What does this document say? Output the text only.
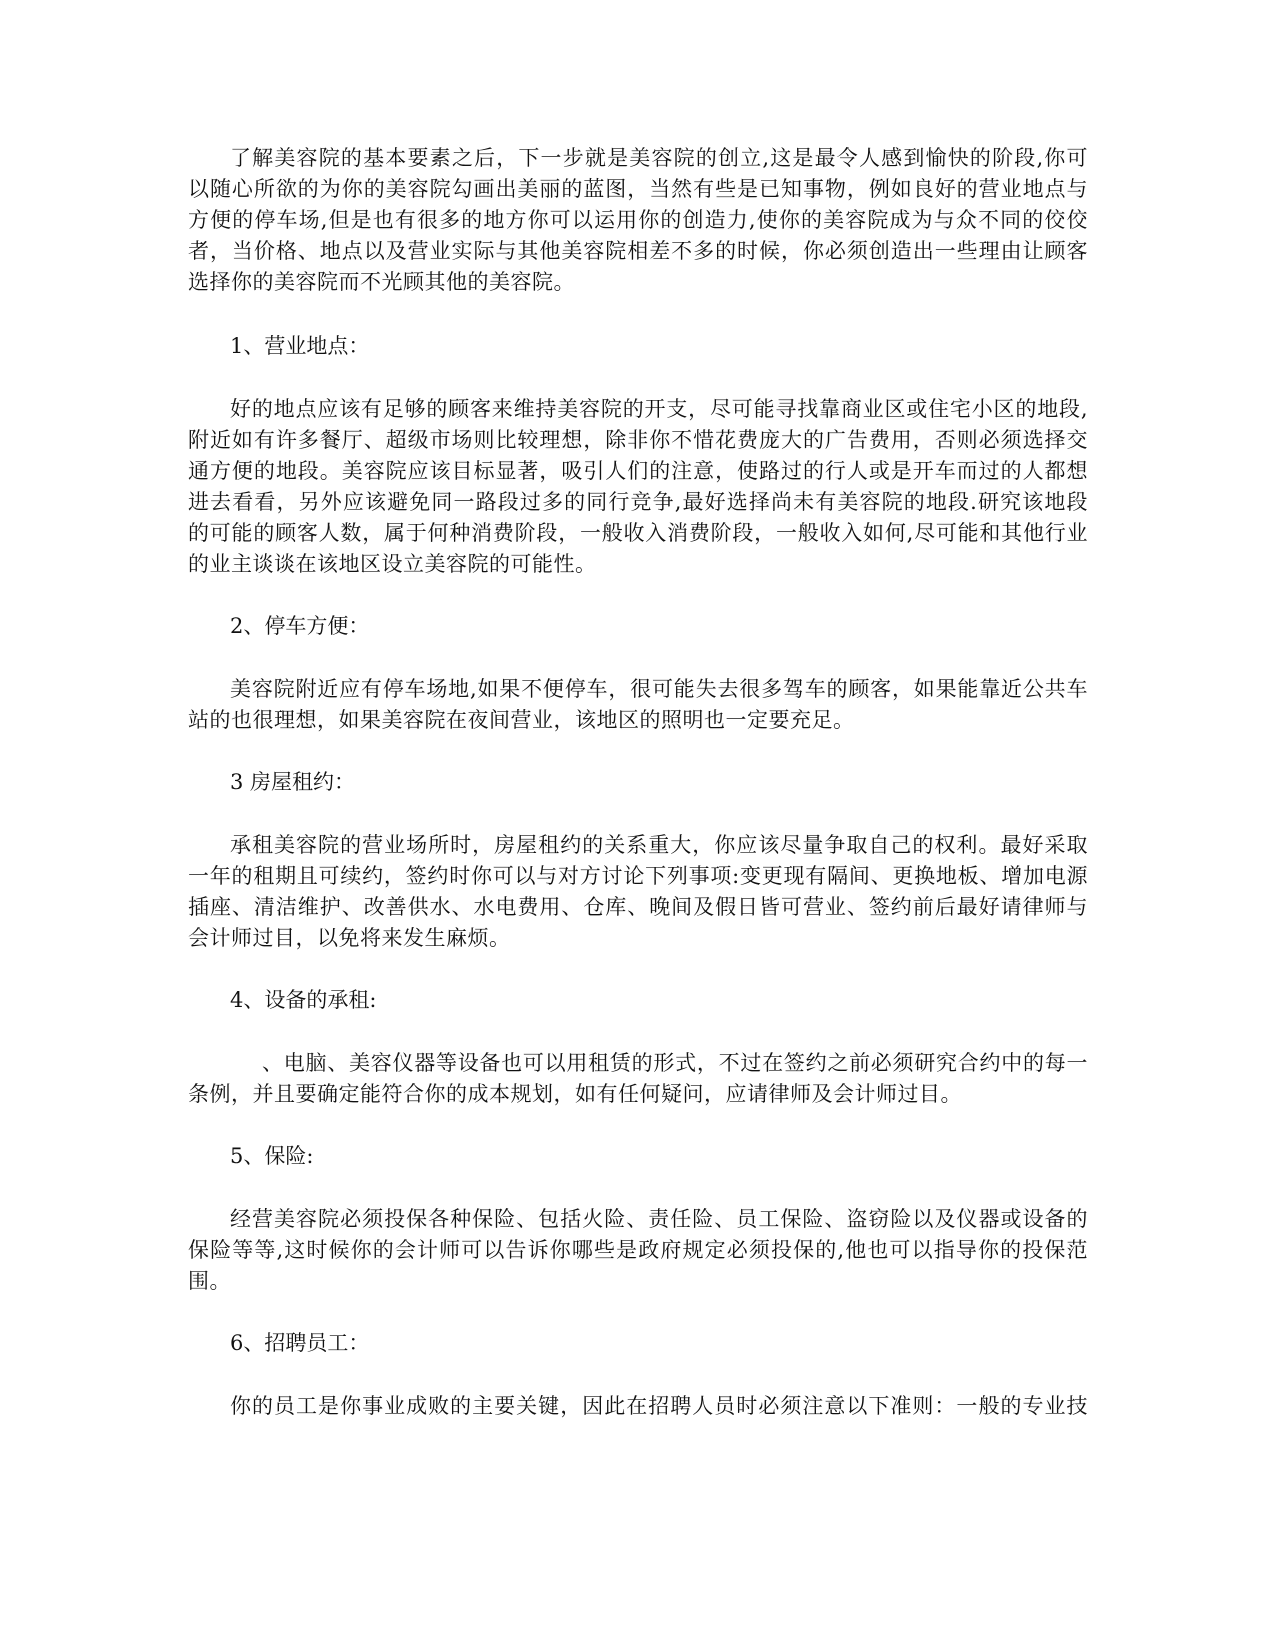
了解美容院的基本要素之后，下一步就是美容院的创立,这是最令人感到愉快的阶段,你可
以随心所欲的为你的美容院勾画出美丽的蓝图，当然有些是已知事物，例如良好的营业地点与
方便的停车场,但是也有很多的地方你可以运用你的创造力,使你的美容院成为与众不同的佼佼
者，当价格、地点以及营业实际与其他美容院相差不多的时候，你必须创造出一些理由让顾客
选择你的美容院而不光顾其他的美容院。
1、营业地点：
好的地点应该有足够的顾客来维持美容院的开支，尽可能寻找靠商业区或住宅小区的地段,
附近如有许多餐厅、超级市场则比较理想，除非你不惜花费庞大的广告费用，否则必须选择交
通方便的地段。美容院应该目标显著，吸引人们的注意，使路过的行人或是开车而过的人都想
进去看看，另外应该避免同一路段过多的同行竞争,最好选择尚未有美容院的地段.研究该地段
的可能的顾客人数，属于何种消费阶段，一般收入消费阶段，一般收入如何,尽可能和其他行业
的业主谈谈在该地区设立美容院的可能性。
2、停车方便：
美容院附近应有停车场地,如果不便停车，很可能失去很多驾车的顾客，如果能靠近公共车
站的也很理想，如果美容院在夜间营业，该地区的照明也一定要充足。
3 房屋租约：
承租美容院的营业场所时，房屋租约的关系重大，你应该尽量争取自己的权利。最好采取
一年的租期且可续约，签约时你可以与对方讨论下列事项:变更现有隔间、更换地板、增加电源
插座、清洁维护、改善供水、水电费用、仓库、晚间及假日皆可营业、签约前后最好请律师与
会计师过目，以免将来发生麻烦。
4、设备的承租:
、电脑、美容仪器等设备也可以用租赁的形式，不过在签约之前必须研究合约中的每一
条例，并且要确定能符合你的成本规划，如有任何疑问，应请律师及会计师过目。
5、保险:
经营美容院必须投保各种保险、包括火险、责任险、员工保险、盗窃险以及仪器或设备的
保险等等,这时候你的会计师可以告诉你哪些是政府规定必须投保的,他也可以指导你的投保范
围。
6、招聘员工：
你的员工是你事业成败的主要关键，因此在招聘人员时必须注意以下准则：一般的专业技
